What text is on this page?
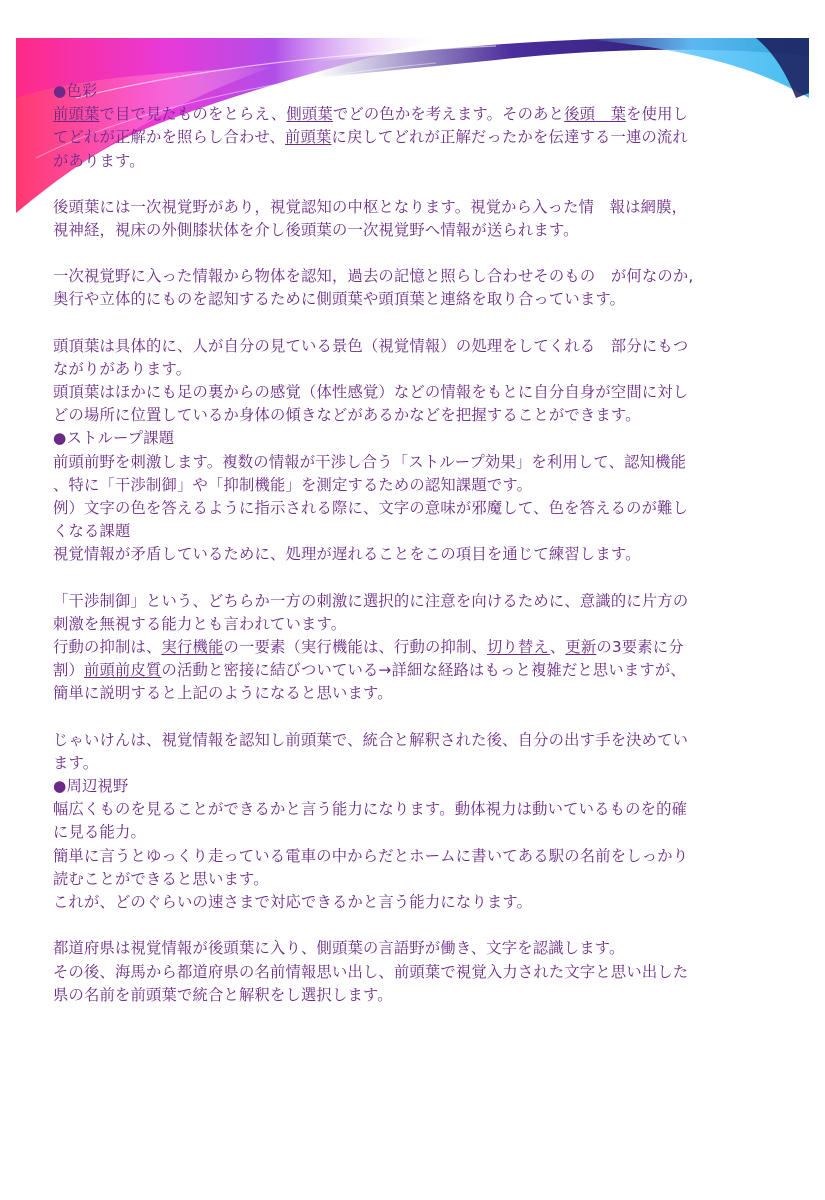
●色彩
前頭葉で目で見たものをとらえ、側頭葉でどの色かを考えます。そのあと後頭　葉を使用し
てどれが正解かを照らし合わせ、前頭葉に戻してどれが正解だったかを伝達する一連の流れ
があります。
後頭葉には一次視覚野があり，視覚認知の中枢となります。視覚から入った情　報は網膜，
視神経，視床の外側膝状体を介し後頭葉の一次視覚野へ情報が送られます。
一次視覚野に入った情報から物体を認知，過去の記憶と照らし合わせそのもの　が何なのか,
奥行や立体的にものを認知するために側頭葉や頭頂葉と連絡を取り合っています。
頭頂葉は具体的に、人が自分の見ている景色（視覚情報）の処理をしてくれる　部分にもつ
ながりがあります。
頭頂葉はほかにも足の裏からの感覚（体性感覚）などの情報をもとに自分自身が空間に対し
どの場所に位置しているか身体の傾きなどがあるかなどを把握することができます。
●ストループ課題
前頭前野を刺激します。複数の情報が干渉し合う「ストループ効果」を利用して、認知機能
、特に「干渉制御」や「抑制機能」を測定するための認知課題です。
例）文字の色を答えるように指示される際に、文字の意味が邪魔して、色を答えるのが難し
くなる課題
視覚情報が矛盾しているために、処理が遅れることをこの項目を通じて練習します。
「干渉制御」という、どちらか一方の刺激に選択的に注意を向けるために、意識的に片方の
刺激を無視する能力とも言われています。
行動の抑制は、実行機能の一要素（実行機能は、行動の抑制、切り替え、更新の3要素に分
割）前頭前皮質の活動と密接に結びついている→詳細な経路はもっと複雑だと思いますが、
簡単に説明すると上記のようになると思います。
じゃいけんは、視覚情報を認知し前頭葉で、統合と解釈された後、自分の出す手を決めてい
ます。
●周辺視野
幅広くものを見ることができるかと言う能力になります。動体視力は動いているものを的確
に見る能力。
簡単に言うとゆっくり走っている電車の中からだとホームに書いてある駅の名前をしっかり
読むことができると思います。
これが、どのぐらいの速さまで対応できるかと言う能力になります。
都道府県は視覚情報が後頭葉に入り、側頭葉の言語野が働き、文字を認識します。
その後、海馬から都道府県の名前情報思い出し、前頭葉で視覚入力された文字と思い出した
県の名前を前頭葉で統合と解釈をし選択します。
